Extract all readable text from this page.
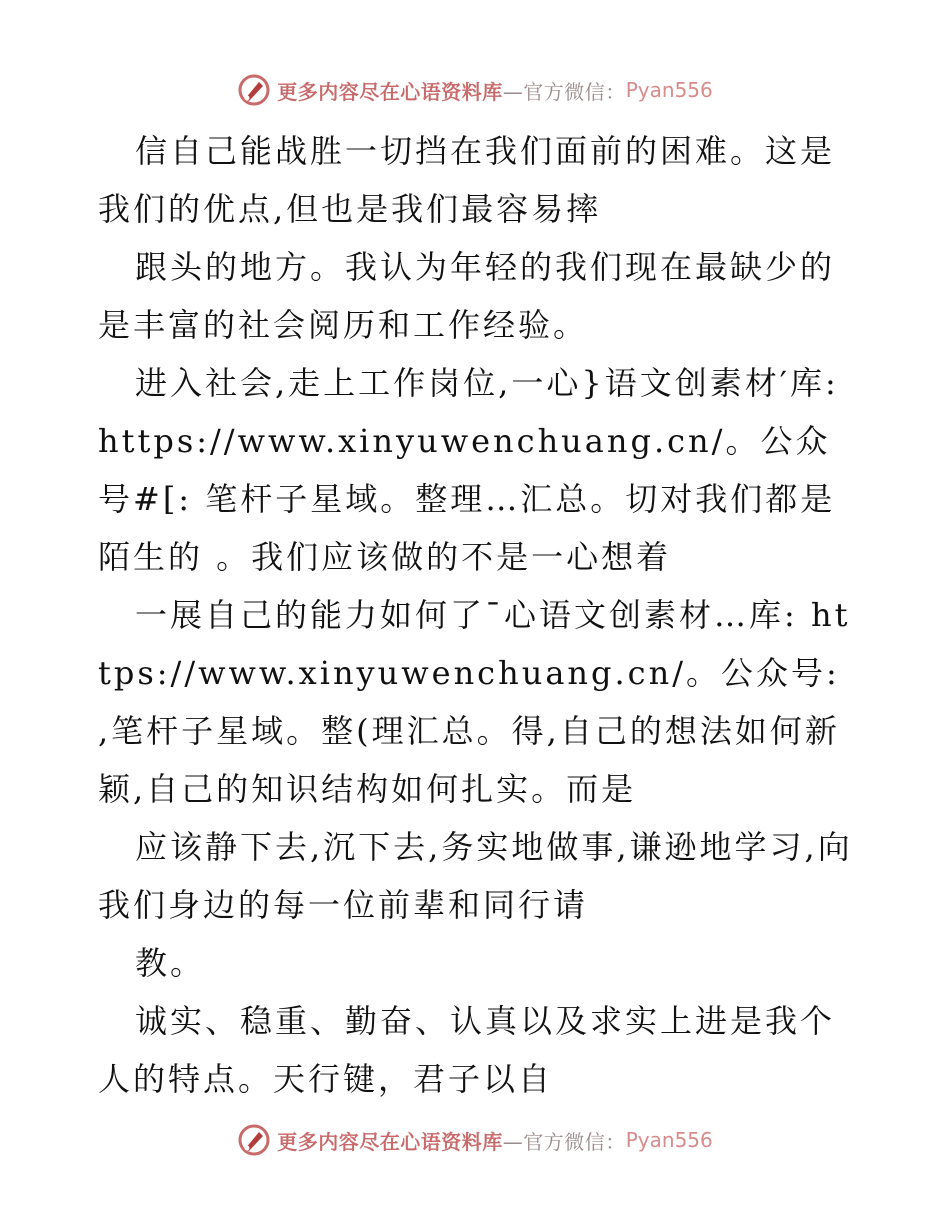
更多内容尽在心语资料库 —官方微信： Pyan556

信自己能战胜一切挡在我们面前的困难。这是我们的优点,但也是我们最容易摔

跟头的地方。我认为年轻的我们现在最缺少的是丰富的社会阅历和工作经验。

进入社会,走上工作岗位,一心}语文创素材′库: https://www.xinyuwenchuang.cn/。公众号#[: 笔杆子星域。整理…汇总。切对我们都是陌生的 。我们应该做的不是一心想着

一展自己的能力如何了¯心语文创素材…库: https://www.xinyuwenchuang.cn/。公众号: ,笔杆子星域。整(理汇总。得,自己的想法如何新颖,自己的知识结构如何扎实。而是

应该静下去,沉下去,务实地做事,谦逊地学习,向我们身边的每一位前辈和同行请

教。

诚实、稳重、勤奋、认真以及求实上进是我个人的特点。天行键，君子以自

更多内容尽在心语资料库 —官方微信： Pyan556
